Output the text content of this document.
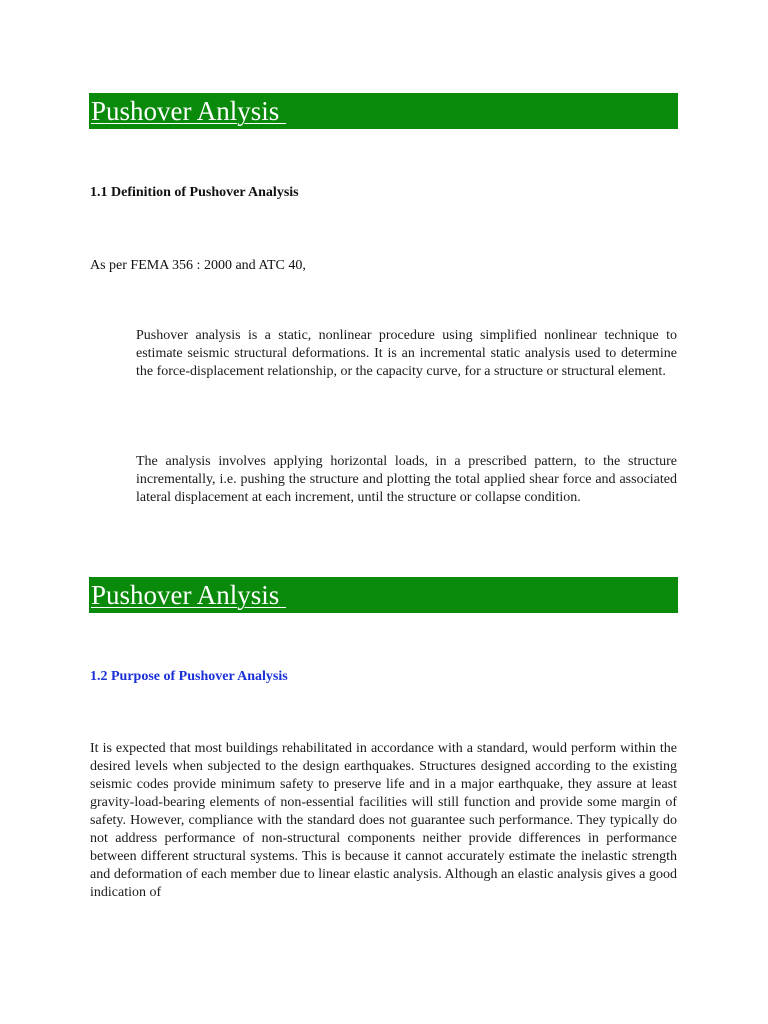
Pushover Anlysis
1.1 Definition of Pushover Analysis
As per FEMA 356 : 2000 and ATC 40,
Pushover analysis is a static, nonlinear procedure using simplified nonlinear technique to estimate seismic structural deformations. It is an incremental static analysis used to determine the force-displacement relationship, or the capacity curve, for a structure or structural element.
The analysis involves applying horizontal loads, in a prescribed pattern, to the structure incrementally, i.e. pushing the structure and plotting the total applied shear force and associated lateral displacement at each increment, until the structure or collapse condition.
Pushover Anlysis
1.2 Purpose of Pushover Analysis
It is expected that most buildings rehabilitated in accordance with a standard, would perform within the desired levels when subjected to the design earthquakes. Structures designed according to the existing seismic codes provide minimum safety to preserve life and in a major earthquake, they assure at least gravity-load-bearing elements of non-essential facilities will still function and provide some margin of safety. However, compliance with the standard does not guarantee such performance. They typically do not address performance of non-structural components neither provide differences in performance between different structural systems. This is because it cannot accurately estimate the inelastic strength and deformation of each member due to linear elastic analysis. Although an elastic analysis gives a good indication of
